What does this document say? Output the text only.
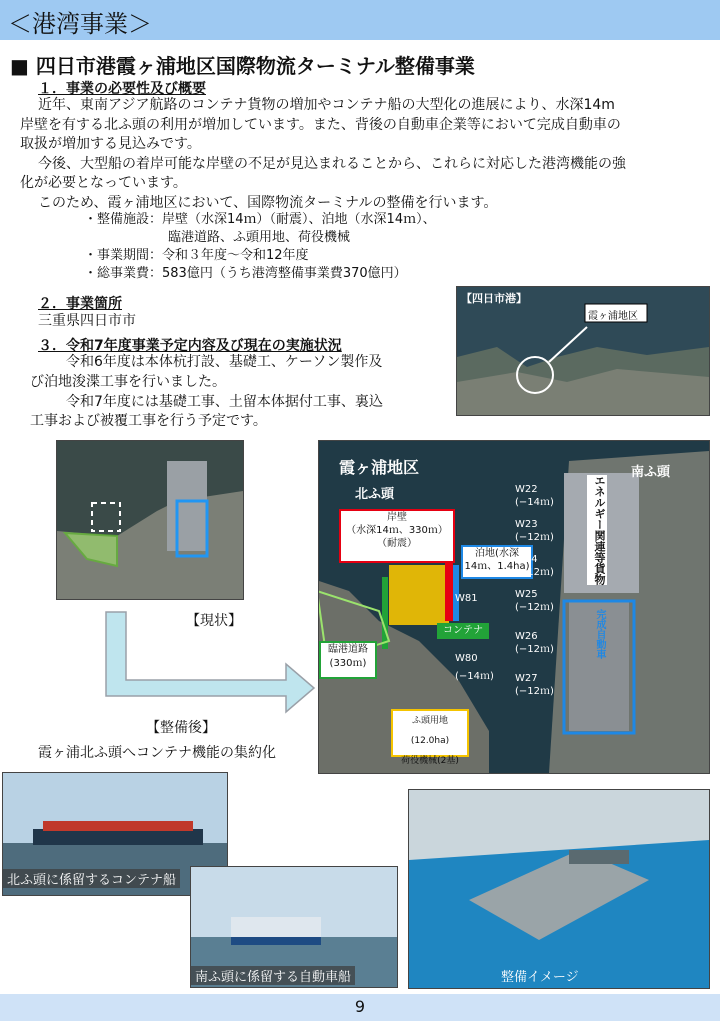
＜港湾事業＞
■ 四日市港霞ヶ浦地区国際物流ターミナル整備事業
１．事業の必要性及び概要
近年、東南アジア航路のコンテナ貨物の増加やコンテナ船の大型化の進展により、水深14m
岸壁を有する北ふ頭の利用が増加しています。また、背後の自動車企業等において完成自動車の
取扱が増加する見込みです。
今後、大型船の着岸可能な岸壁の不足が見込まれることから、これらに対応した港湾機能の強
化が必要となっています。
このため、霞ヶ浦地区において、国際物流ターミナルの整備を行います。
・整備施設：岸壁（水深14ｍ）（耐震）、泊地（水深14ｍ）、
臨港道路、ふ頭用地、荷役機械
・事業期間：令和３年度～令和12年度
・総事業費：583億円（うち港湾整備事業費370億円）
２．事業箇所
三重県四日市市
３．令和7年度事業予定内容及び現在の実施状況
令和6年度は本体杭打設、基礎工、ケーソン製作及
び泊地浚渫工事を行いました。
令和7年度には基礎工事、土留本体据付工事、裏込
工事および被覆工事を行う予定です。
【四日市港】
霞ヶ浦地区
【現状】
【整備後】
霞ヶ浦北ふ頭へコンテナ機能の集約化
霞ヶ浦地区
北ふ頭
南ふ頭
岸壁
（水深14ｍ、330ｍ）
（耐震）
泊地(水深
14ｍ、1.4ha)
臨港道路
(330ｍ)
コンテナ
ふ頭用地(12.0ha)
荷役機械(2基)
W81
W80
(−14ｍ)
W22
(−14ｍ)
W23
(−12ｍ)
W24
(−12ｍ)
W25
(−12ｍ)
W26
(−12ｍ)
W27
(−12ｍ)
エネルギー関連等貨物
完成自動車
北ふ頭に係留するコンテナ船
南ふ頭に係留する自動車船	整備イメージ
9
